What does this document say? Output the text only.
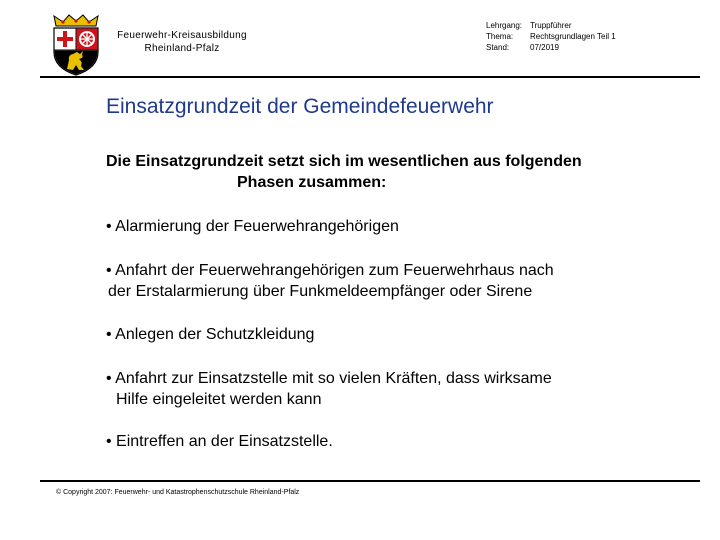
Feuerwehr-Kreisausbildung
Rheinland-Pfalz
Lehrgang: Truppführer
Thema:	Rechtsgrundlagen Teil 1
Stand:	07/2019
Einsatzgrundzeit der Gemeindefeuerwehr
Die Einsatzgrundzeit setzt sich im wesentlichen aus folgenden
Phasen zusammen:
• Alarmierung der Feuerwehrangehörigen
• Anfahrt der Feuerwehrangehörigen zum Feuerwehrhaus nach
der Erstalarmierung über Funkmeldeempfänger oder Sirene
• Anlegen der Schutzkleidung
• Anfahrt zur Einsatzstelle mit so vielen Kräften, dass wirksame
Hilfe eingeleitet werden kann
• Eintreffen an der Einsatzstelle.
© Copyright 2007: Feuerwehr- und Katastrophenschutzschule Rheinland-Pfalz
